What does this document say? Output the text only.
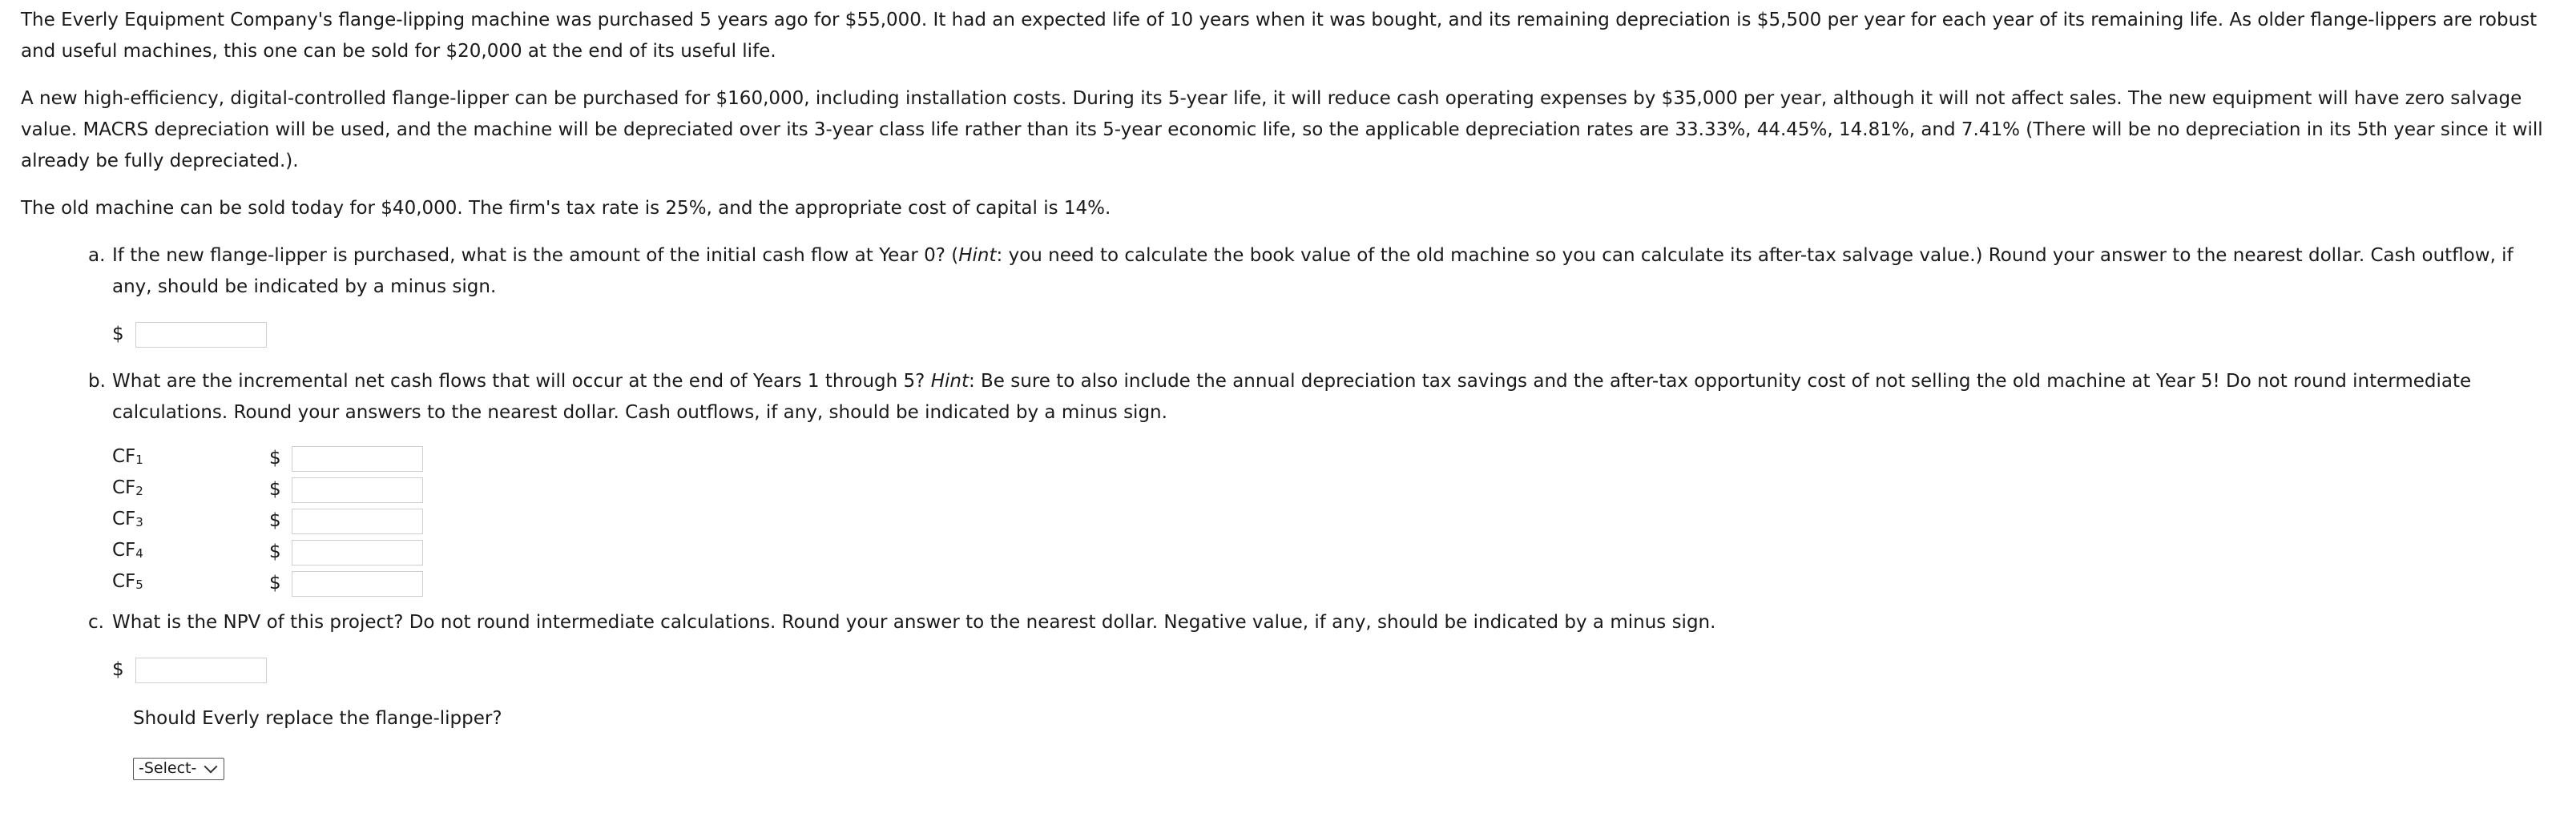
The Everly Equipment Company's flange-lipping machine was purchased 5 years ago for $55,000. It had an expected life of 10 years when it was bought, and its remaining depreciation is $5,500 per year for each year of its remaining life. As older flange-lippers are robust and useful machines, this one can be sold for $20,000 at the end of its useful life.

A new high-efficiency, digital-controlled flange-lipper can be purchased for $160,000, including installation costs. During its 5-year life, it will reduce cash operating expenses by $35,000 per year, although it will not affect sales. The new equipment will have zero salvage value. MACRS depreciation will be used, and the machine will be depreciated over its 3-year class life rather than its 5-year economic life, so the applicable depreciation rates are 33.33%, 44.45%, 14.81%, and 7.41% (There will be no depreciation in its 5th year since it will already be fully depreciated.).

The old machine can be sold today for $40,000. The firm's tax rate is 25%, and the appropriate cost of capital is 14%.

a. If the new flange-lipper is purchased, what is the amount of the initial cash flow at Year 0? (Hint: you need to calculate the book value of the old machine so you can calculate its after-tax salvage value.) Round your answer to the nearest dollar. Cash outflow, if any, should be indicated by a minus sign.
$
b. What are the incremental net cash flows that will occur at the end of Years 1 through 5? Hint: Be sure to also include the annual depreciation tax savings and the after-tax opportunity cost of not selling the old machine at Year 5! Do not round intermediate calculations. Round your answers to the nearest dollar. Cash outflows, if any, should be indicated by a minus sign.
$CF_1$	$
$CF_2$	$
$CF_3$	$
$CF_4$	$
$CF_5$	$
c. What is the NPV of this project? Do not round intermediate calculations. Round your answer to the nearest dollar. Negative value, if any, should be indicated by a minus sign.
$
Should Everly replace the flange-lipper?
-Select-
